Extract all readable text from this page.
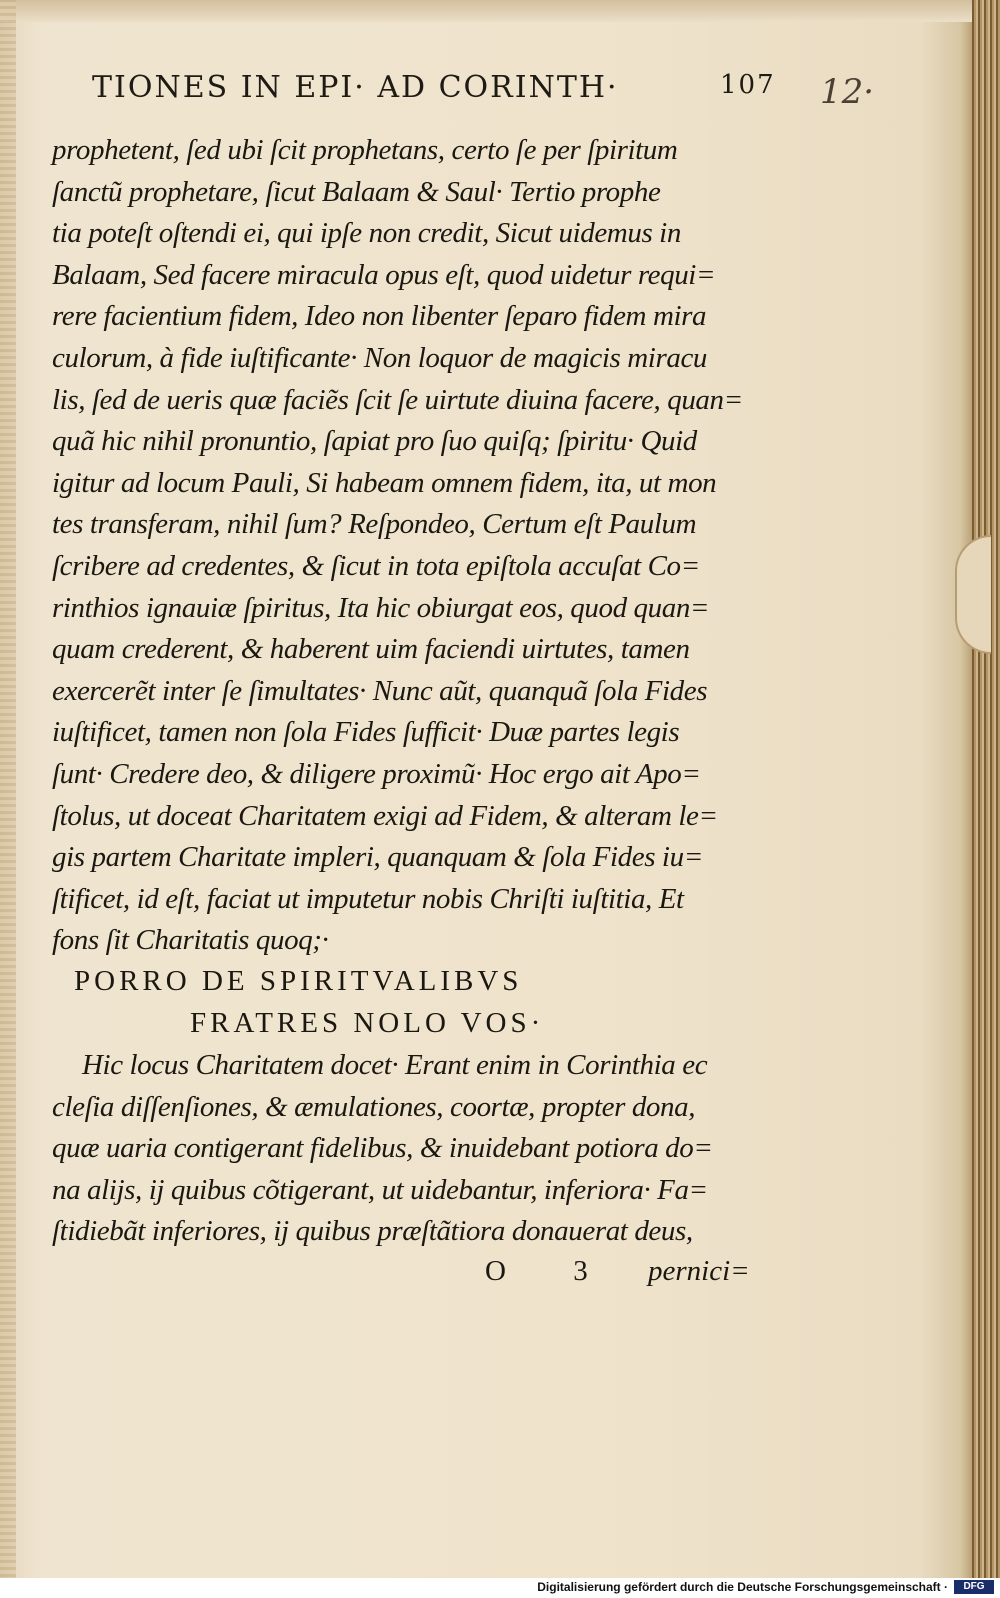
TIONES IN EPI· AD CORINTH·	107 12·
prophetent, ſed ubi ſcit prophetans, certo ſe per ſpiritum
ſanctũ prophetare, ſicut Balaam & Saul· Tertio prophe
tia poteſt oſtendi ei, qui ipſe non credit, Sicut uidemus in
Balaam, Sed facere miracula opus eſt, quod uidetur requi=
rere facientium fidem, Ideo non libenter ſeparo fidem mira
culorum, à fide iuſtificante· Non loquor de magicis miracu
lis, ſed de ueris quæ faciẽs ſcit ſe uirtute diuina facere, quan=
quã hic nihil pronuntio, ſapiat pro ſuo quiſq; ſpiritu· Quid
igitur ad locum Pauli, Si habeam omnem fidem, ita, ut mon
tes transferam, nihil ſum? Reſpondeo, Certum eſt Paulum
ſcribere ad credentes, & ſicut in tota epiſtola accuſat Co=
rinthios ignauiæ ſpiritus, Ita hic obiurgat eos, quod quan=
quam crederent, & haberent uim faciendi uirtutes, tamen
exercerẽt inter ſe ſimultates· Nunc aũt, quanquã ſola Fides
iuſtificet, tamen non ſola Fides ſufficit· Duæ partes legis
ſunt· Credere deo, & diligere proximũ· Hoc ergo ait Apo=
ſtolus, ut doceat Charitatem exigi ad Fidem, & alteram le=
gis partem Charitate impleri, quanquam & ſola Fides iu=
ſtificet, id eſt, faciat ut imputetur nobis Chriſti iuſtitia, Et
fons ſit Charitatis quoq;·
PORRO DE SPIRITVALIBVS
FRATRES NOLO VOS·
Hic locus Charitatem docet· Erant enim in Corinthia ec
cleſia diſſenſiones, & æmulationes, coortæ, propter dona,
quæ uaria contigerant fidelibus, & inuidebant potiora do=
na alijs, ij quibus cõtigerant, ut uidebantur, inferiora· Fa=
ſtidiebãt inferiores, ij quibus præſtãtiora donauerat deus,
O 3 pernici=
Digitalisierung gefördert durch die Deutsche Forschungsgemeinschaft ·	DFG
